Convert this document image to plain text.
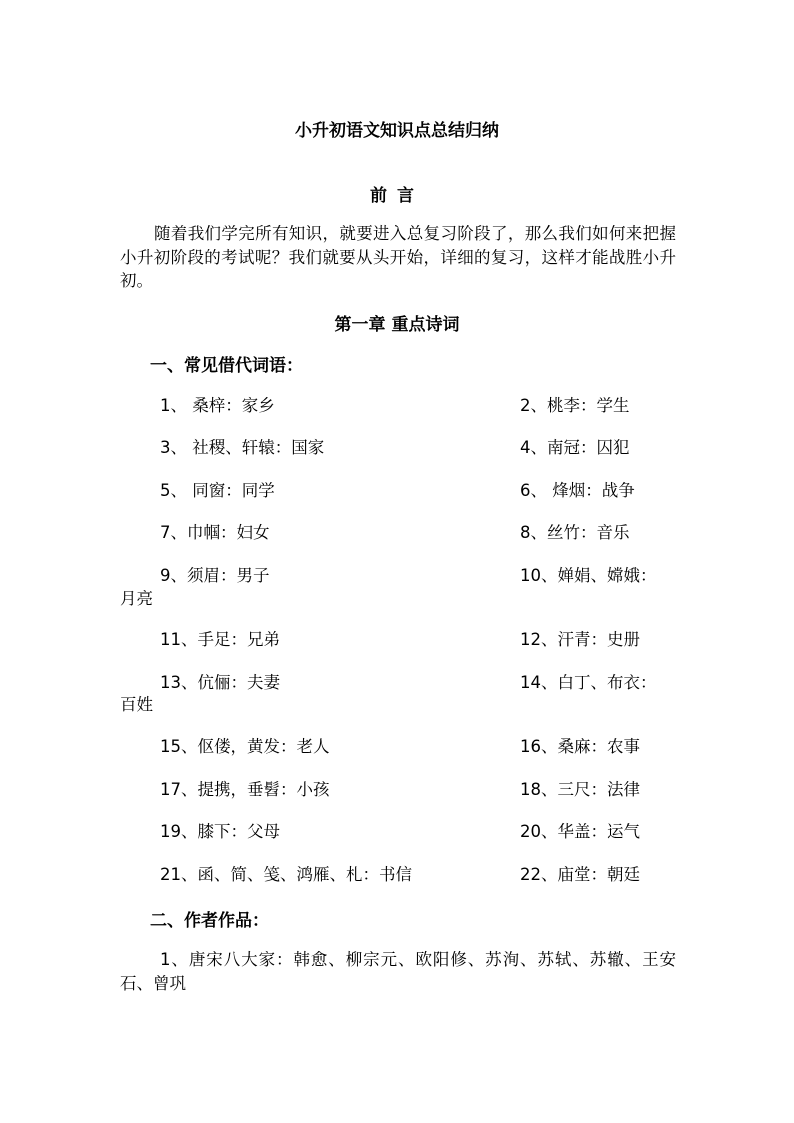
小升初语文知识点总结归纳
前言
随着我们学完所有知识，就要进入总复习阶段了，那么我们如何来把握小升初阶段的考试呢？我们就要从头开始，详细的复习，这样才能战胜小升初。
第一章 重点诗词
一、常见借代词语：
1、 桑梓：家乡	2、桃李：学生
3、 社稷、轩辕：国家	4、南冠：囚犯
5、 同窗：同学	6、 烽烟：战争
7、巾帼：妇女	8、丝竹：音乐
9、须眉：男子	10、婵娟、嫦娥：
月亮
11、手足：兄弟	12、汗青：史册
13、伉俪：夫妻	14、白丁、布衣：
百姓
15、伛偻，黄发：老人	16、桑麻：农事
17、提携，垂髫：小孩	18、三尺：法律
19、膝下：父母	20、华盖：运气
21、函、简、笺、鸿雁、札：书信	22、庙堂：朝廷
二、作者作品：
1、唐宋八大家：韩愈、柳宗元、欧阳修、苏洵、苏轼、苏辙、王安石、曾巩
